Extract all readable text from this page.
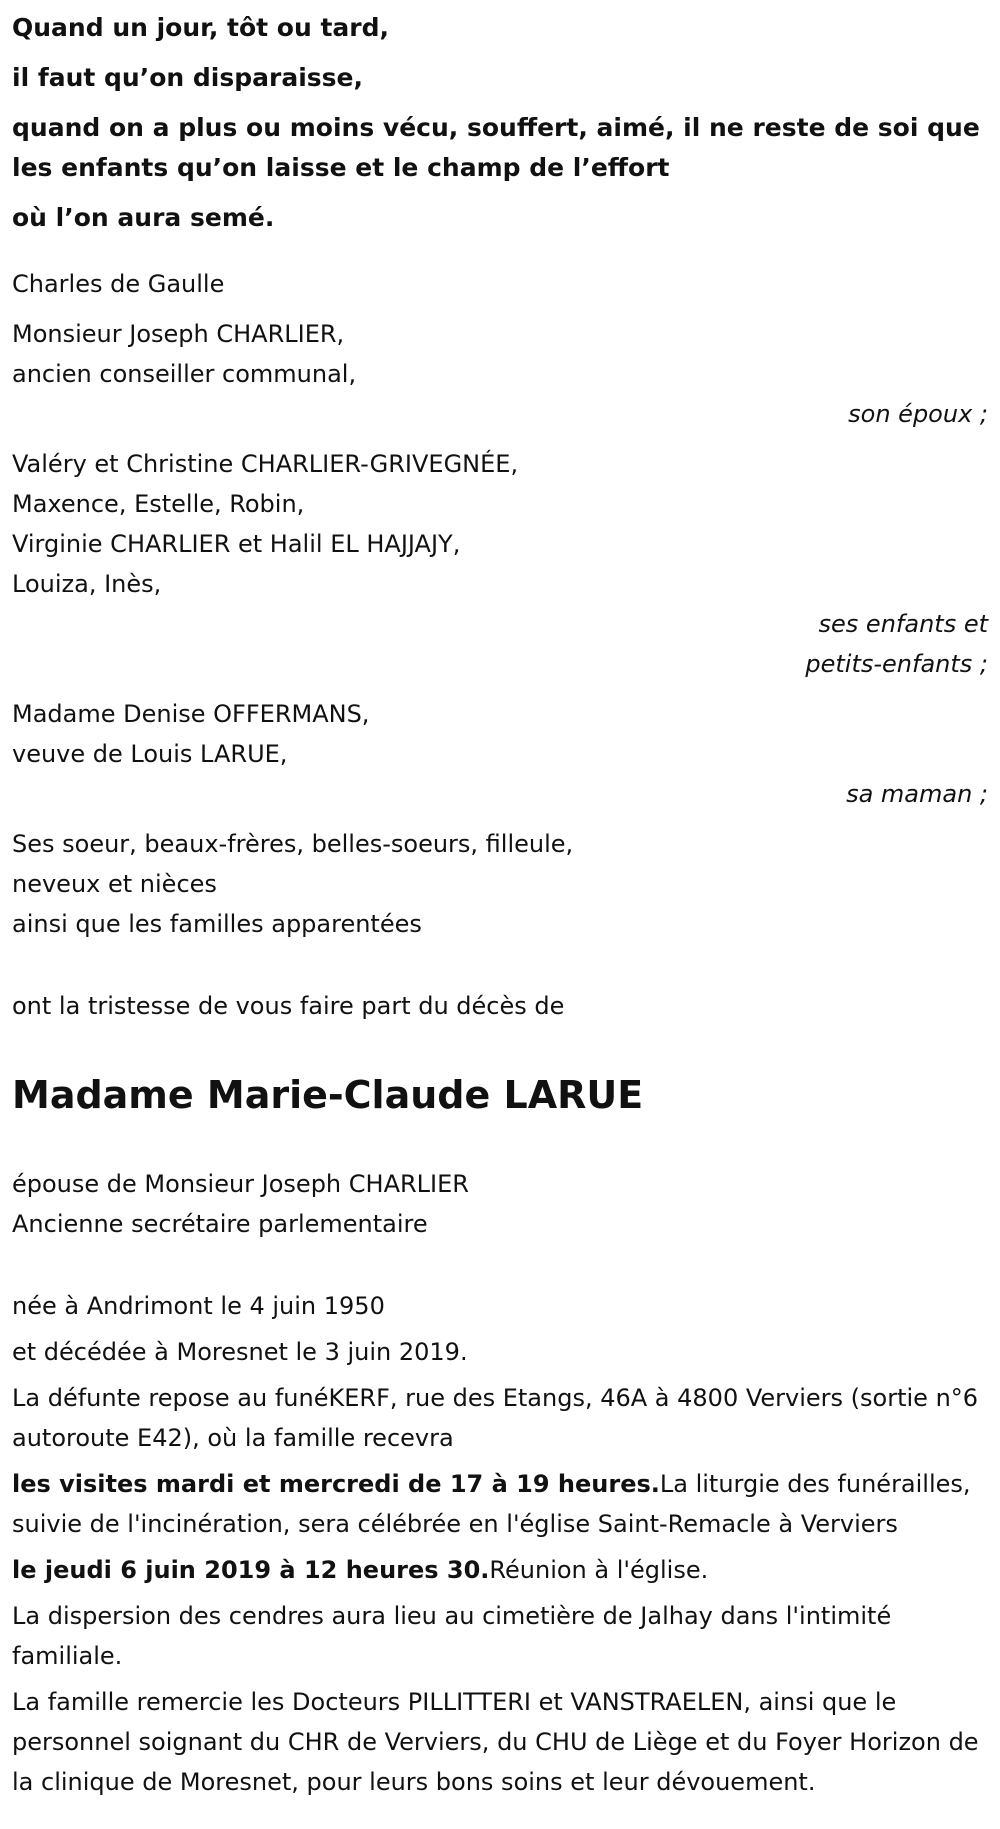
Quand un jour, tôt ou tard,

il faut qu’on disparaisse,

quand on a plus ou moins vécu, souffert, aimé, il ne reste de soi que les enfants qu’on laisse et le champ de l’effort

où l’on aura semé.

Charles de Gaulle

Monsieur Joseph CHARLIER,
ancien conseiller communal,
son époux ;
Valéry et Christine CHARLIER-GRIVEGNÉE,
Maxence, Estelle, Robin,
Virginie CHARLIER et Halil EL HAJJAJY,
Louiza, Inès,
ses enfants et
petits-enfants ;
Madame Denise OFFERMANS,
veuve de Louis LARUE,
sa maman ;
Ses soeur, beaux-frères, belles-soeurs, filleule,
neveux et nièces
ainsi que les familles apparentées

ont la tristesse de vous faire part du décès de

Madame Marie-Claude LARUE
épouse de Monsieur Joseph CHARLIER
Ancienne secrétaire parlementaire

née à Andrimont le 4 juin 1950

et décédée à Moresnet le 3 juin 2019.

La défunte repose au funéKERF, rue des Etangs, 46A à 4800 Verviers (sortie n°6 autoroute E42), où la famille recevra

les visites mardi et mercredi de 17 à 19 heures.La liturgie des funérailles, suivie de l'incinération, sera célébrée en l'église Saint-Remacle à Verviers

le jeudi 6 juin 2019 à 12 heures 30.Réunion à l'église.

La dispersion des cendres aura lieu au cimetière de Jalhay dans l'intimité familiale.

La famille remercie les Docteurs PILLITTERI et VANSTRAELEN, ainsi que le personnel soignant du CHR de Verviers, du CHU de Liège et du Foyer Horizon de la clinique de Moresnet, pour leurs bons soins et leur dévouement.
